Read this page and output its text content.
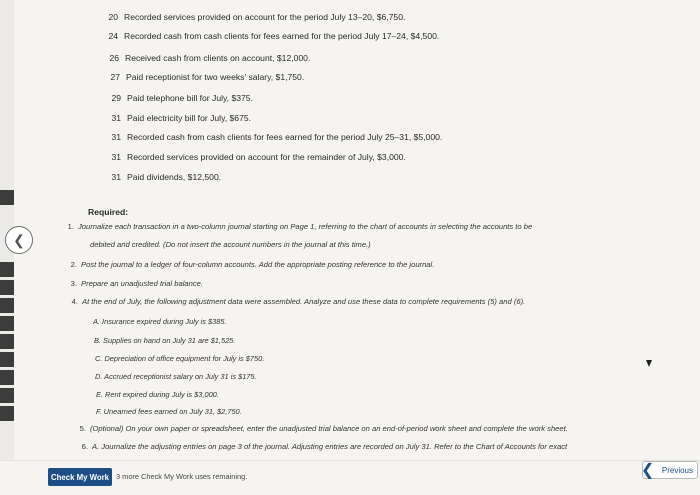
❮
20 Recorded services provided on account for the period July 13–20, $6,750.
24 Recorded cash from cash clients for fees earned for the period July 17–24, $4,500.
26 Received cash from clients on account, $12,000.
27 Paid receptionist for two weeks' salary, $1,750.
29 Paid telephone bill for July, $375.
31 Paid electricity bill for July, $675.
31 Recorded cash from cash clients for fees earned for the period July 25–31, $5,000.
31 Recorded services provided on account for the remainder of July, $3,000.
31 Paid dividends, $12,500.
Required:
1. Journalize each transaction in a two-column journal starting on Page 1, referring to the chart of accounts in selecting the accounts to be
debited and credited. (Do not insert the account numbers in the journal at this time.)
2. Post the journal to a ledger of four-column accounts. Add the appropriate posting reference to the journal.
3. Prepare an unadjusted trial balance.
4. At the end of July, the following adjustment data were assembled. Analyze and use these data to complete requirements (5) and (6).
A. Insurance expired during July is $385.
B. Supplies on hand on July 31 are $1,525.
C. Depreciation of office equipment for July is $750.
D. Accrued receptionist salary on July 31 is $175.
E. Rent expired during July is $3,000.
F. Unearned fees earned on July 31, $2,750.
5. (Optional) On your own paper or spreadsheet, enter the unadjusted trial balance on an end-of-period work sheet and complete the work sheet.
6. A. Journalize the adjusting entries on page 3 of the journal. Adjusting entries are recorded on July 31. Refer to the Chart of Accounts for exact
Check My Work 3 more Check My Work uses remaining.	❮ Previous
